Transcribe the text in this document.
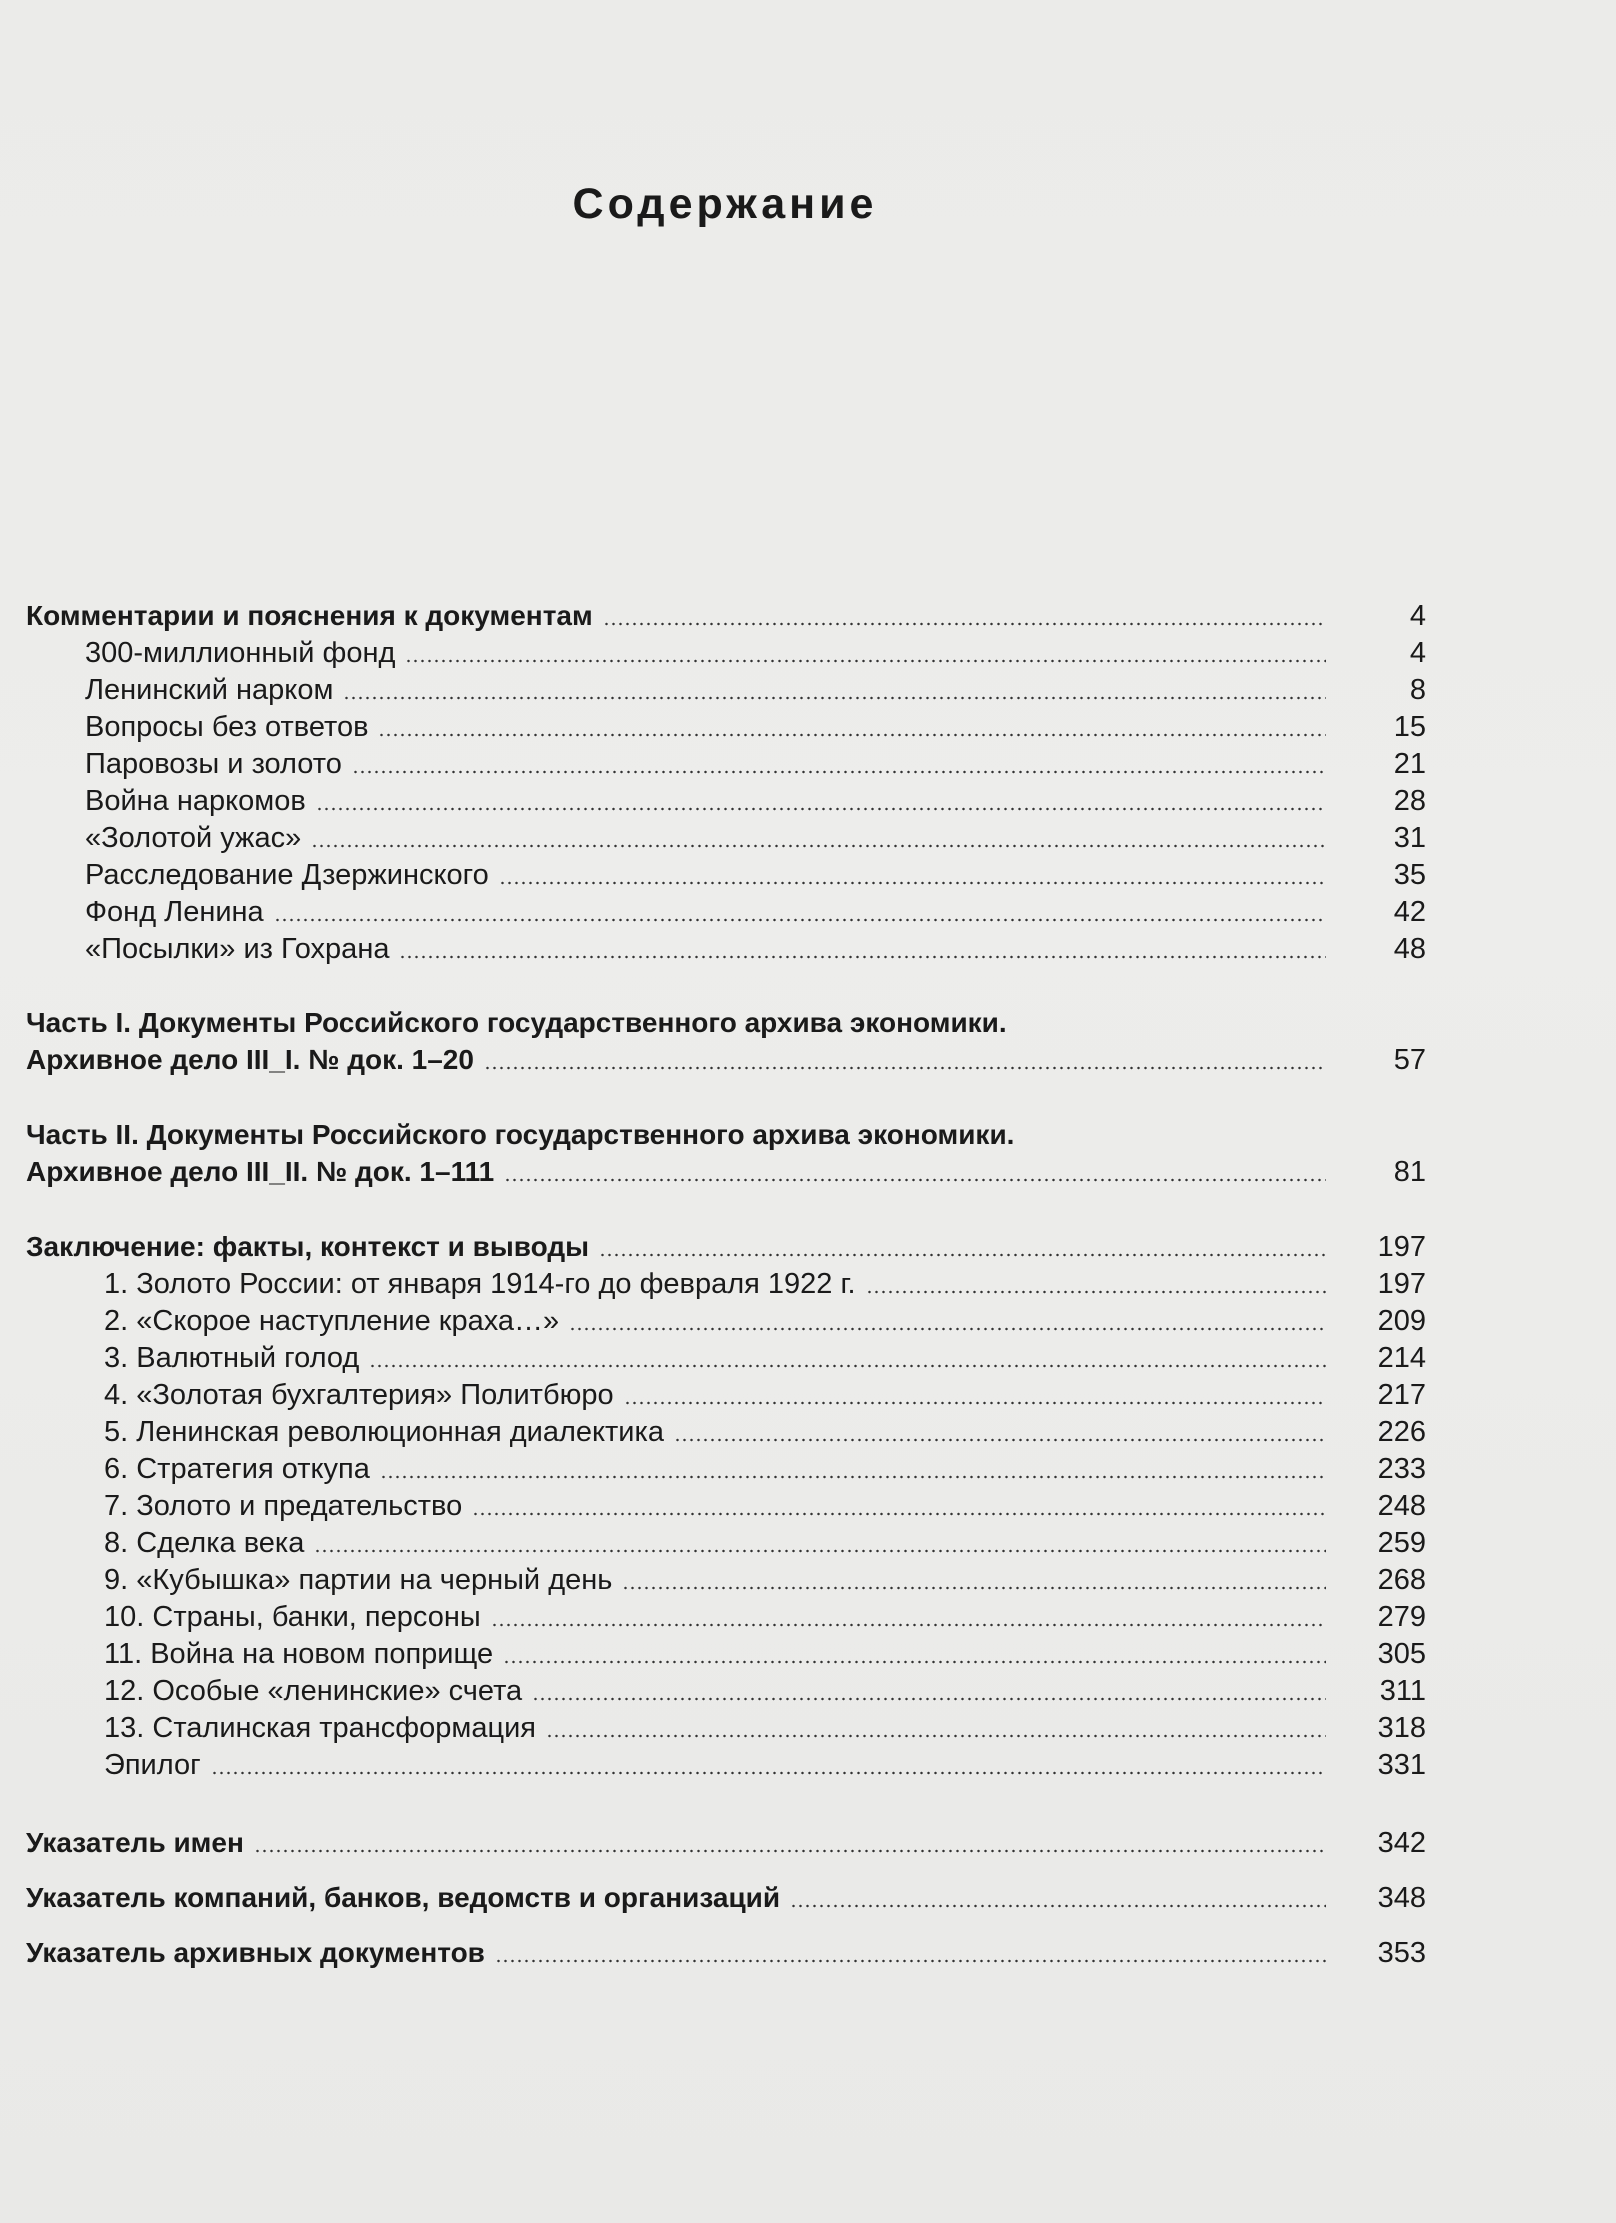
Содержание
Комментарии и пояснения к документам	4
300-миллионный фонд	4
Ленинский нарком	8
Вопросы без ответов	15
Паровозы и золото	21
Война наркомов	28
«Золотой ужас»	31
Расследование Дзержинского	35
Фонд Ленина	42
«Посылки» из Гохрана	48
Часть I. Документы Российского государственного архива экономики.
Архивное дело III_I. № док. 1–20	57
Часть II. Документы Российского государственного архива экономики.
Архивное дело III_II. № док. 1–111	81
Заключение: факты, контекст и выводы	197
1. Золото России: от января 1914-го до февраля 1922 г.	197
2. «Скорое наступление краха…»	209
3. Валютный голод	214
4. «Золотая бухгалтерия» Политбюро	217
5. Ленинская революционная диалектика	226
6. Стратегия откупа	233
7. Золото и предательство	248
8. Сделка века	259
9. «Кубышка» партии на черный день	268
10. Страны, банки, персоны	279
11. Война на новом поприще	305
12. Особые «ленинские» счета	311
13. Сталинская трансформация	318
Эпилог	331
Указатель имен	342
Указатель компаний, банков, ведомств и организаций	348
Указатель архивных документов	353
